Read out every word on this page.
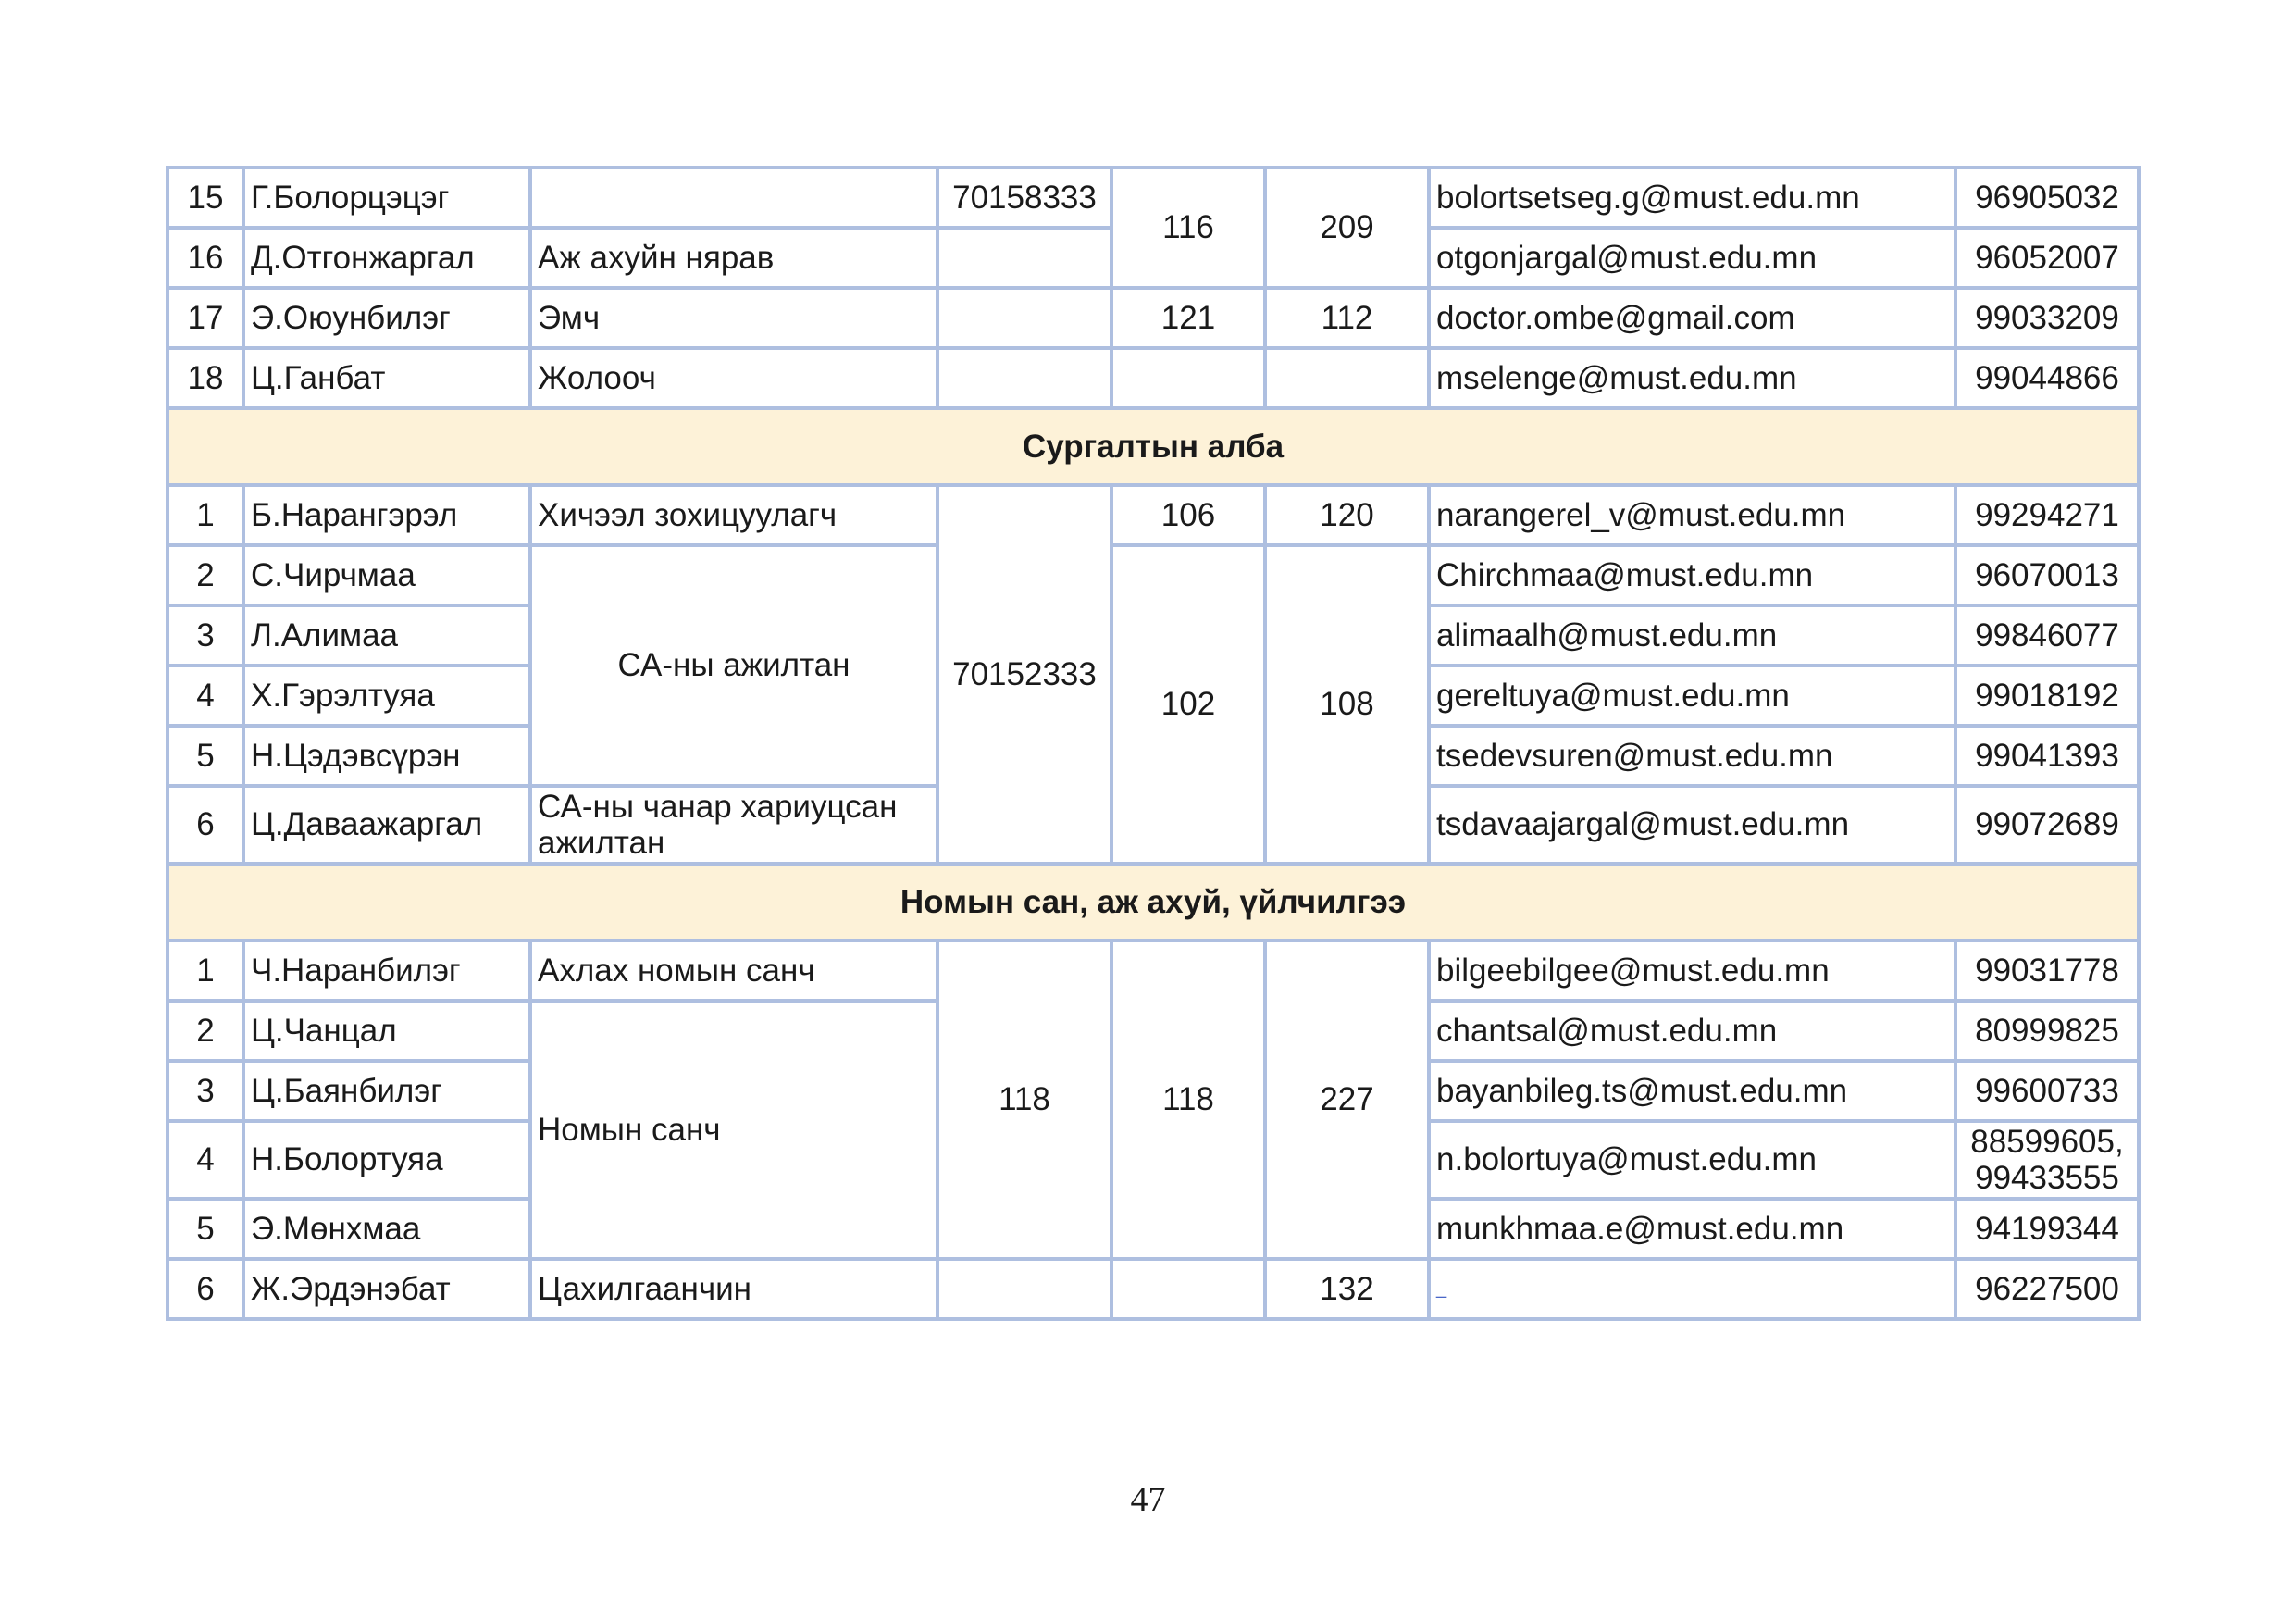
15	Г.Болорцэцэг		70158333	116	209	bolortsetseg.g@must.edu.mn	96905032
16	Д.Отгонжаргал	Аж ахуйн нярав				otgonjargal@must.edu.mn	96052007
17	Э.Оюунбилэг	Эмч		121	112	doctor.ombe@gmail.com	99033209
18	Ц.Ганбат	Жолооч				mselenge@must.edu.mn	99044866
Сургалтын алба							
1	Б.Нарангэрэл	Хичээл зохицуулагч	70152333	106	120	narangerel_v@must.edu.mn	99294271
2	С.Чирчмаа	СА-ны ажилтан		102	108	Chirchmaa@must.edu.mn	96070013
3	Л.Алимаа					alimaalh@must.edu.mn	99846077
4	Х.Гэрэлтуяа					gereltuya@must.edu.mn	99018192
5	Н.Цэдэвсүрэн					tsedevsuren@must.edu.mn	99041393
6	Ц.Даваажаргал	СА-ны чанар хариуцсан ажилтан				tsdavaajargal@must.edu.mn	99072689
Номын сан, аж ахуй, үйлчилгээ							
1	Ч.Наранбилэг	Ахлах номын санч	118	118	227	bilgeebilgee@must.edu.mn	99031778
2	Ц.Чанцал	Номын санч				chantsal@must.edu.mn	80999825
3	Ц.Баянбилэг					bayanbileg.ts@must.edu.mn	99600733
4	Н.Болортуяа					n.bolortuya@must.edu.mn	88599605,
99433555

5	Э.Мөнхмаа					munkhmaa.e@must.edu.mn	94199344
6	Ж.Эрдэнэбат	Цахилгаанчин			132	_	96227500
47
